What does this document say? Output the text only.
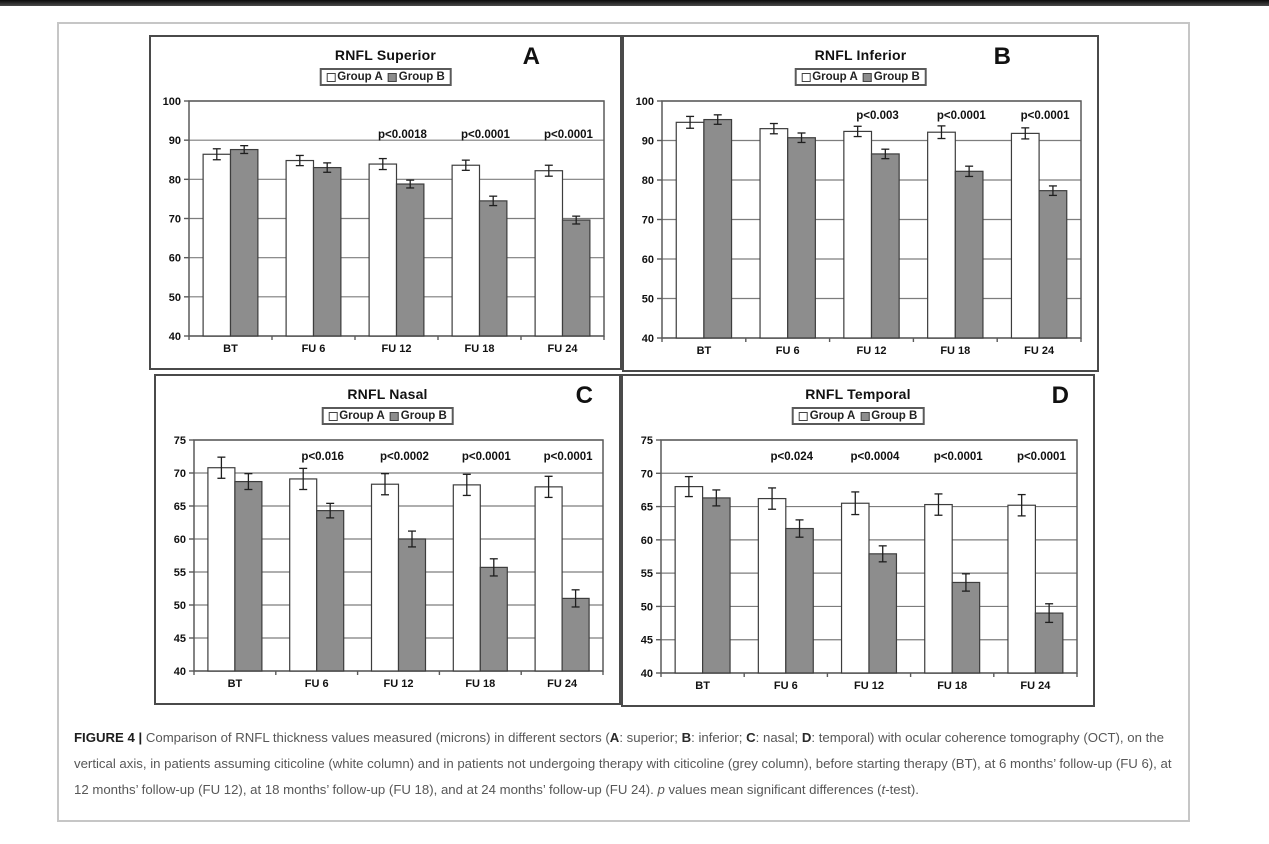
RNFL Superior	A
Group A Group B
40
50
60
70
80
90
100
BT	FU 6	FU 12	FU 18	FU 24
p<0.0018	p<0.0001	p<0.0001
RNFL Inferior	B
Group A Group B
40
50
60
70
80
90
100
BT	FU 6	FU 12	FU 18	FU 24
p<0.003	p<0.0001	p<0.0001
RNFL Nasal	C
Group A Group B
40
45
50
55
60
65
70
75
BT	FU 6	FU 12	FU 18	FU 24
p<0.016	p<0.0002	p<0.0001	p<0.0001
RNFL Temporal	D
Group A Group B
40
45
50
55
60
65
70
75
BT	FU 6	FU 12	FU 18	FU 24
p<0.024	p<0.0004	p<0.0001	p<0.0001
FIGURE 4 | Comparison of RNFL thickness values measured (microns) in different sectors (A: superior; B: inferior; C: nasal; D: temporal) with ocular coherence tomography (OCT), on the vertical axis, in patients assuming citicoline (white column) and in patients not undergoing therapy with citicoline (grey column), before starting therapy (BT), at 6 months’ follow-up (FU 6), at 12 months’ follow-up (FU 12), at 18 months’ follow-up (FU 18), and at 24 months’ follow-up (FU 24). p values mean significant differences (t-test).
